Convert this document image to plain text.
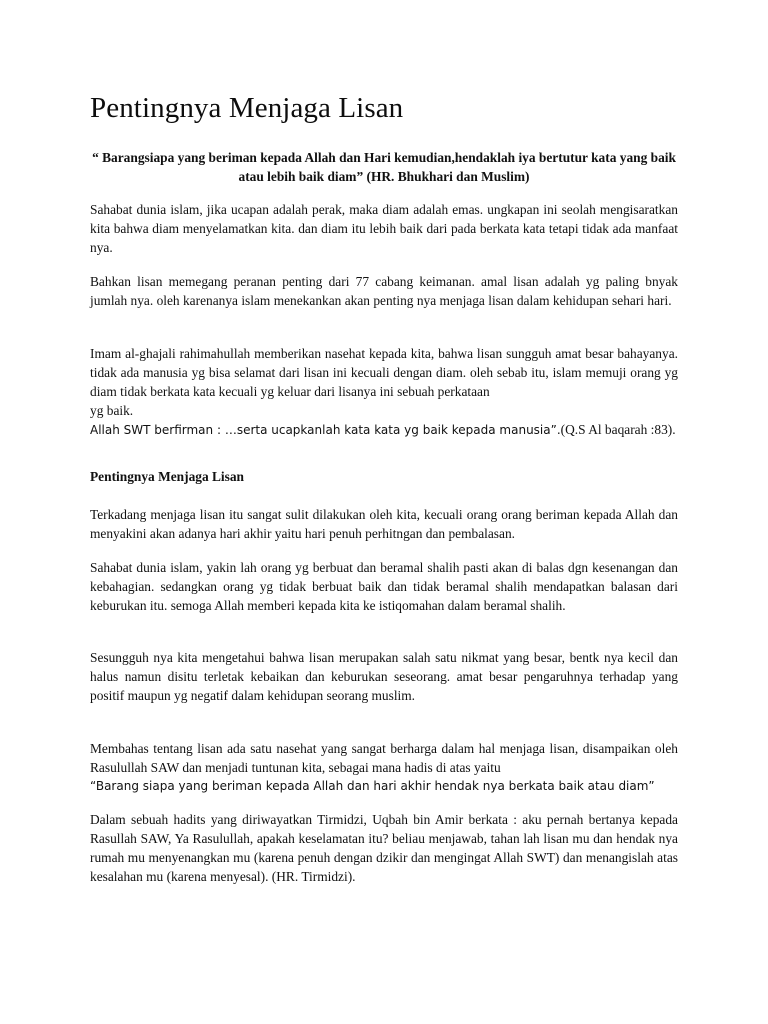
Pentingnya Menjaga Lisan

“ Barangsiapa yang beriman kepada Allah dan Hari kemudian,hendaklah iya bertutur kata yang baik atau lebih baik diam” (HR. Bhukhari dan Muslim)

Sahabat dunia islam, jika ucapan adalah perak, maka diam adalah emas. ungkapan ini seolah mengisaratkan kita bahwa diam menyelamatkan kita. dan diam itu lebih baik dari pada berkata kata tetapi tidak ada manfaat nya.

Bahkan lisan memegang peranan penting dari 77 cabang keimanan. amal lisan adalah yg paling bnyak jumlah nya. oleh karenanya islam menekankan akan penting nya menjaga lisan dalam kehidupan sehari hari.

Imam al-ghajali rahimahullah memberikan nasehat kepada kita, bahwa lisan sungguh amat besar bahayanya. tidak ada manusia yg bisa selamat dari lisan ini kecuali dengan diam. oleh sebab itu, islam memuji orang yg diam tidak berkata kata kecuali yg keluar dari lisanya ini sebuah perkataan
yg baik.
Allah SWT berfirman : …serta ucapkanlah kata kata yg baik kepada manusia”.(Q.S Al baqarah :83).

Pentingnya Menjaga Lisan

Terkadang menjaga lisan itu sangat sulit dilakukan oleh kita, kecuali orang orang beriman kepada Allah dan menyakini akan adanya hari akhir yaitu hari penuh perhitngan dan pembalasan.

Sahabat dunia islam, yakin lah orang yg berbuat dan beramal shalih pasti akan di balas dgn kesenangan dan kebahagian. sedangkan orang yg tidak berbuat baik dan tidak beramal shalih mendapatkan balasan dari keburukan itu. semoga Allah memberi kepada kita ke istiqomahan dalam beramal shalih.

Sesungguh nya kita mengetahui bahwa lisan merupakan salah satu nikmat yang besar, bentk nya kecil dan halus namun disitu terletak kebaikan dan keburukan seseorang. amat besar pengaruhnya terhadap yang positif maupun yg negatif dalam kehidupan seorang muslim.

Membahas tentang lisan ada satu nasehat yang sangat berharga dalam hal menjaga lisan, disampaikan oleh Rasulullah SAW dan menjadi tuntunan kita, sebagai mana hadis di atas yaitu
“Barang siapa yang beriman kepada Allah dan hari akhir hendak nya berkata baik atau diam”

Dalam sebuah hadits yang diriwayatkan Tirmidzi, Uqbah bin Amir berkata : aku pernah bertanya kepada Rasullah SAW, Ya Rasulullah, apakah keselamatan itu? beliau menjawab, tahan lah lisan mu dan hendak nya rumah mu menyenangkan mu (karena penuh dengan dzikir dan mengingat Allah SWT) dan menangislah atas kesalahan mu (karena menyesal). (HR. Tirmidzi).
